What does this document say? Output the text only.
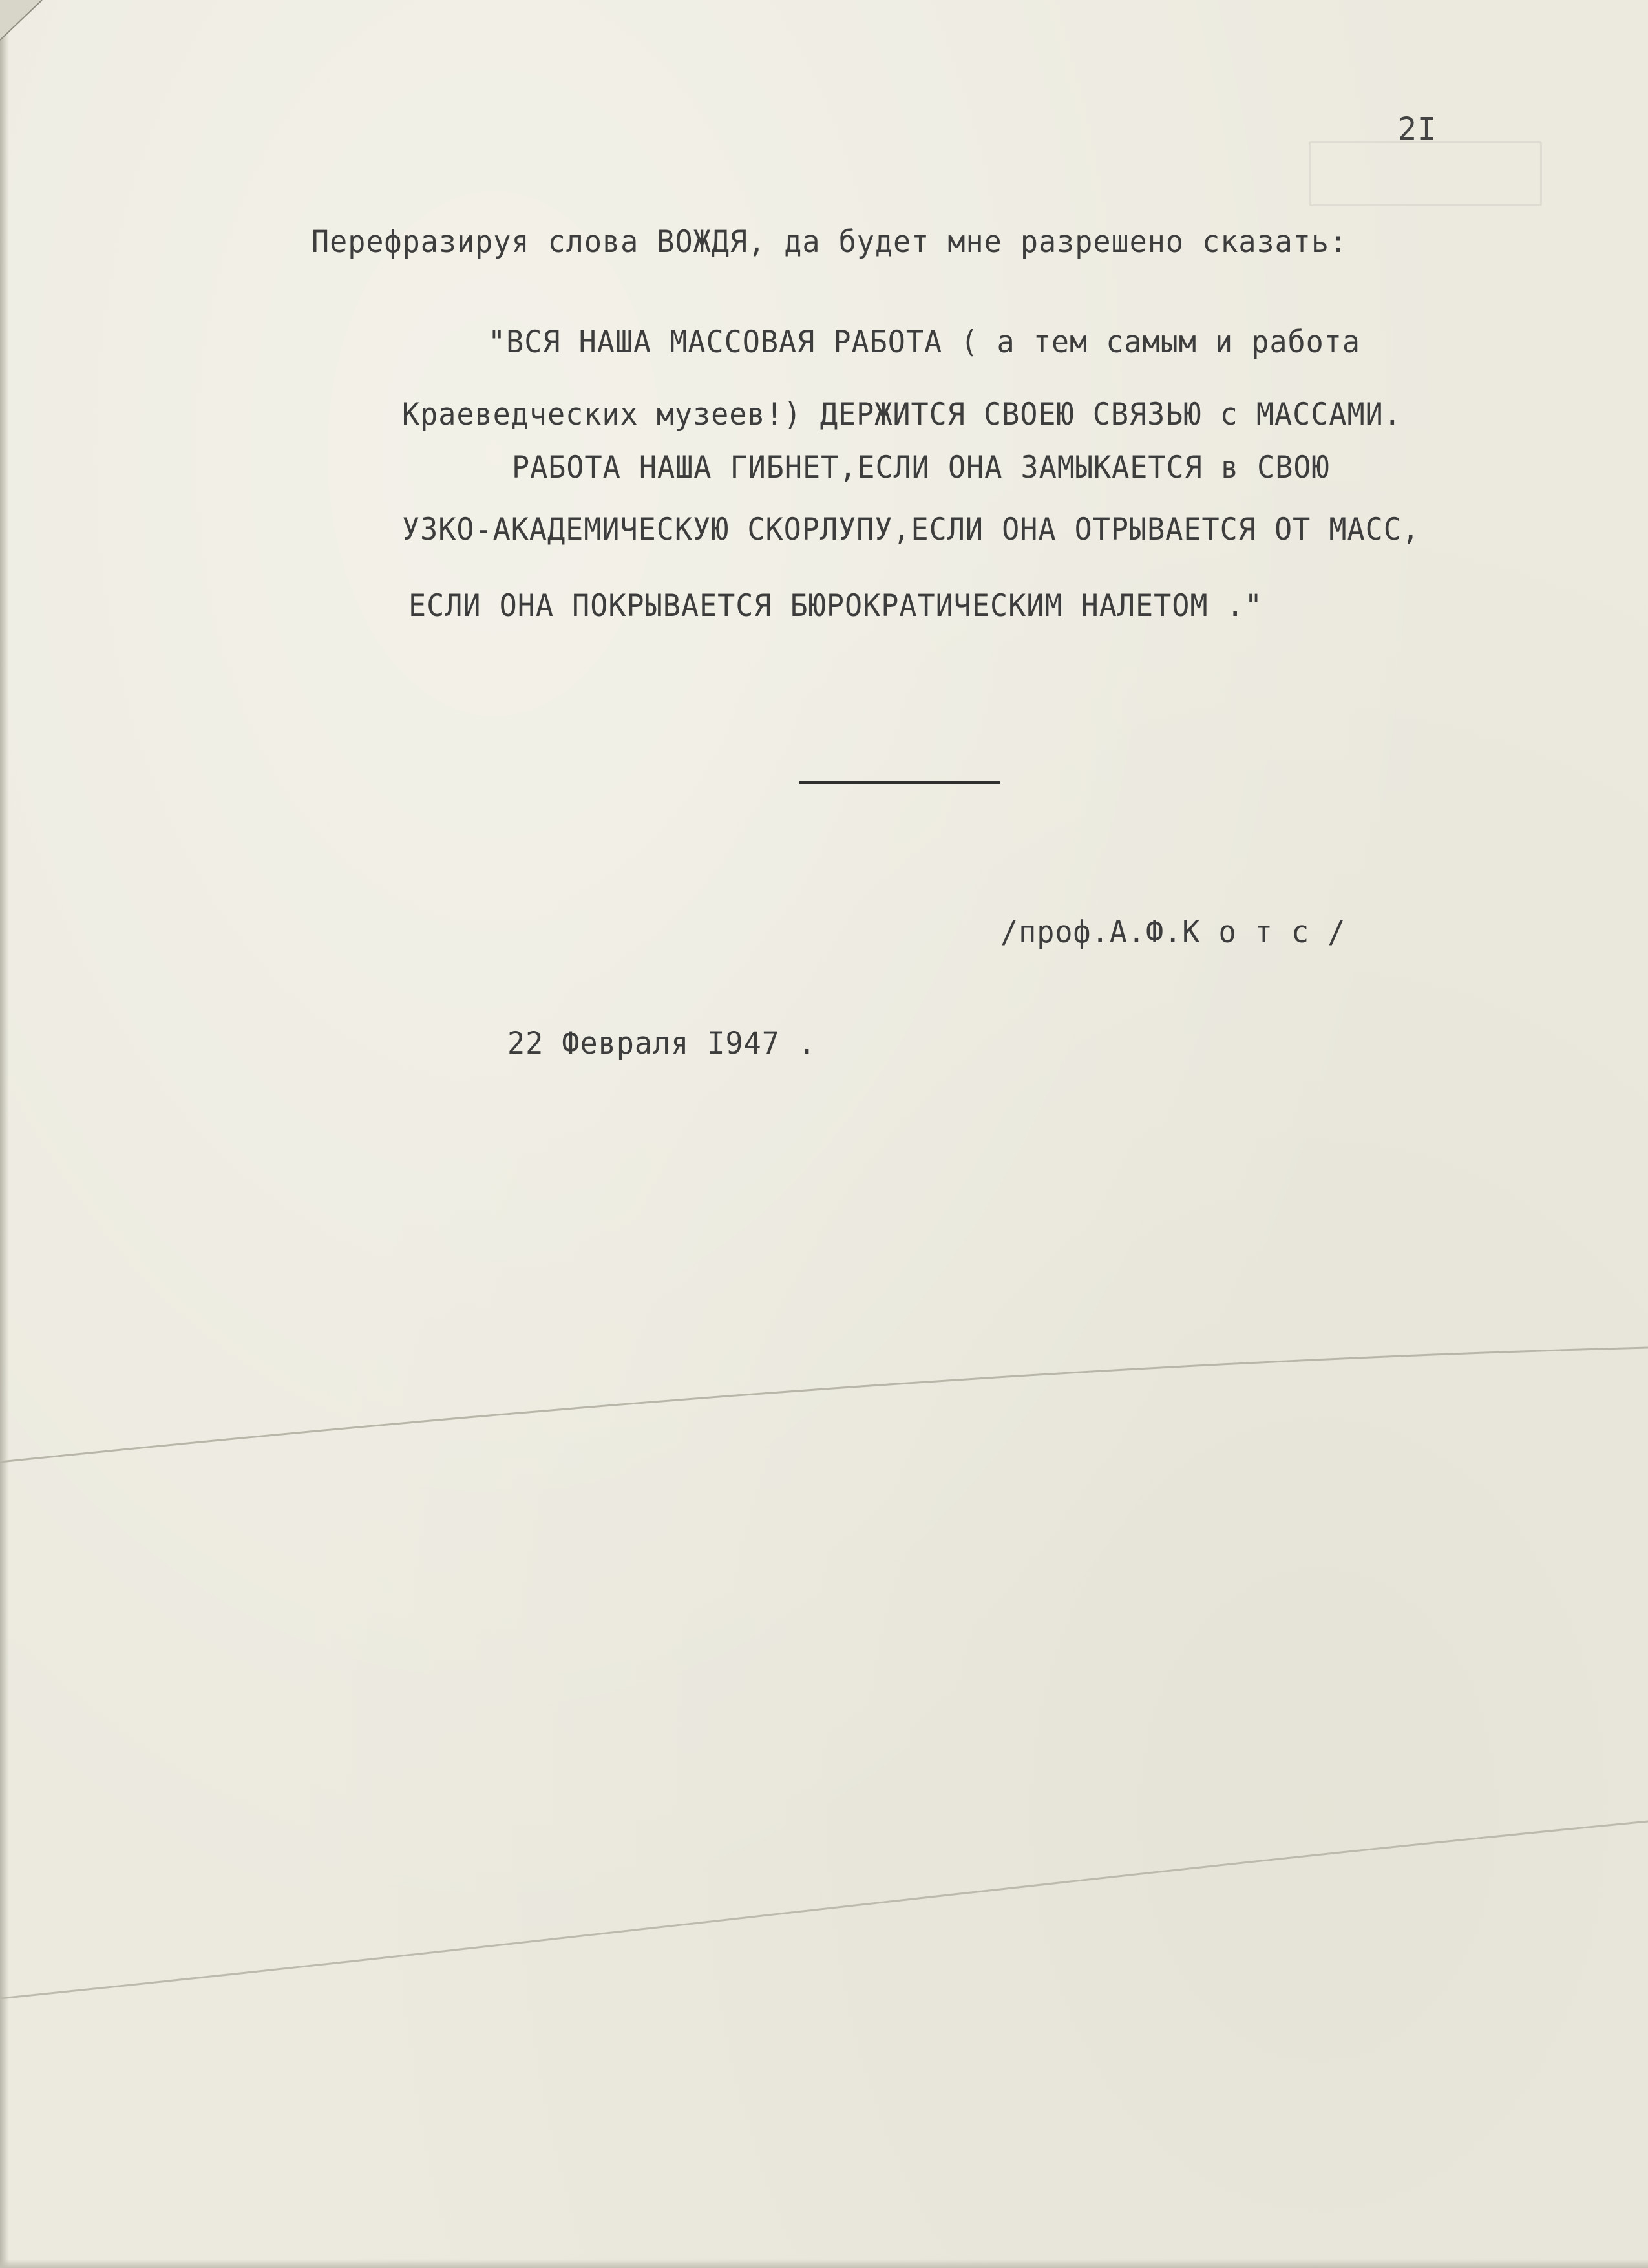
2I
Перефразируя слова ВОЖДЯ, да будет мне разрешено сказать:
"ВСЯ НАША МАССОВАЯ РАБОТА ( а тем самым и работа
Краеведческих музеев!) ДЕРЖИТСЯ СВОЕЮ СВЯЗЬЮ с МАССАМИ.
РАБОТА НАША ГИБНЕТ,ЕСЛИ ОНА ЗАМЫКАЕТСЯ в СВОЮ
УЗКО-АКАДЕМИЧЕСКУЮ СКОРЛУПУ,ЕСЛИ ОНА ОТРЫВАЕТСЯ ОТ МАСС,
ЕСЛИ ОНА ПОКРЫВАЕТСЯ БЮРОКРАТИЧЕСКИМ НАЛЕТОМ ."
/проф.А.Ф.К о т с /
22 Февраля I947 .
